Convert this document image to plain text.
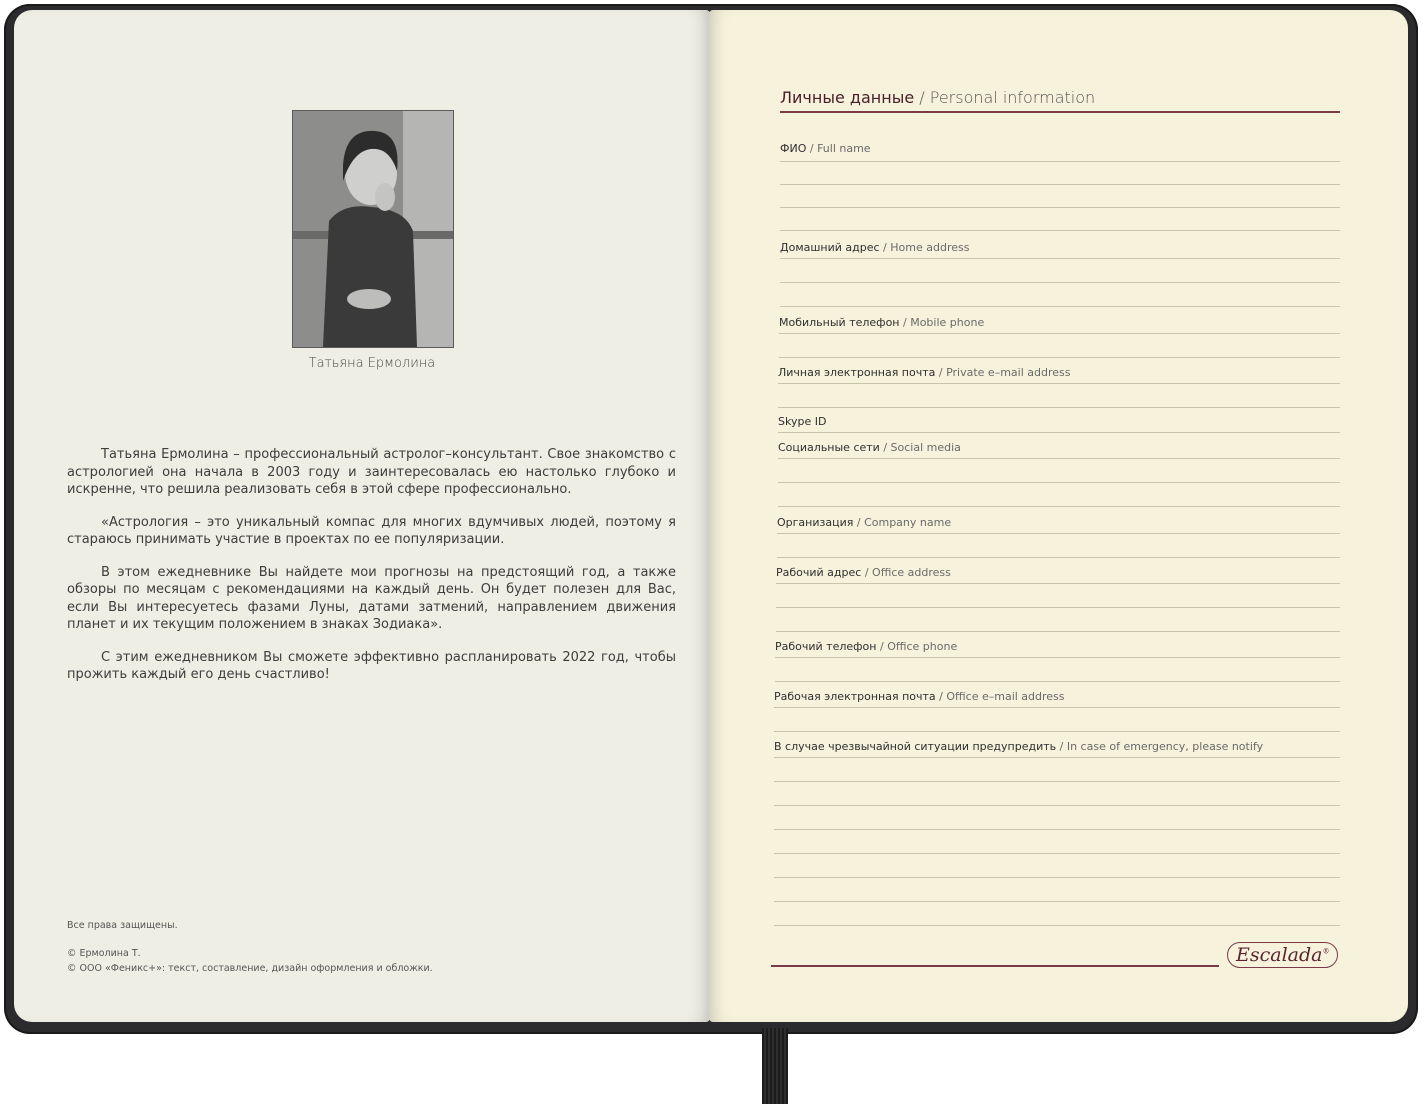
Татьяна Ермолина

Татьяна Ермолина – профессиональный астролог–консультант. Свое знакомство с астрологией она начала в 2003 году и заинтересовалась ею настолько глубоко и искренне, что решила реализовать себя в этой сфере профессионально.

«Астрология – это уникальный компас для многих вдумчивых людей, поэтому я стараюсь принимать участие в проектах по ее популяризации.

В этом ежедневнике Вы найдете мои прогнозы на предстоящий год, а также обзоры по месяцам с рекомендациями на каждый день. Он будет полезен для Вас, если Вы интересуетесь фазами Луны, датами затмений, направлением движения планет и их текущим положением в знаках Зодиака».

С этим ежедневником Вы сможете эффективно распланировать 2022 год, чтобы прожить каждый его день счастливо!

Все права защищены.
© Ермолина Т.
© ООО «Феникс+»: текст, составление, дизайн оформления и обложки.
Личные данные / Personal information
ФИО / Full name
Домашний адрес / Home address
Мобильный телефон / Mobile phone
Личная электронная почта / Private e–mail address
Skype ID
Социальные сети / Social media
Организация / Company name
Рабочий адрес / Office address
Рабочий телефон / Office phone
Рабочая электронная почта / Office e–mail address
В случае чрезвычайной ситуации предупредить / In case of emergency, please notify
Escalada®
